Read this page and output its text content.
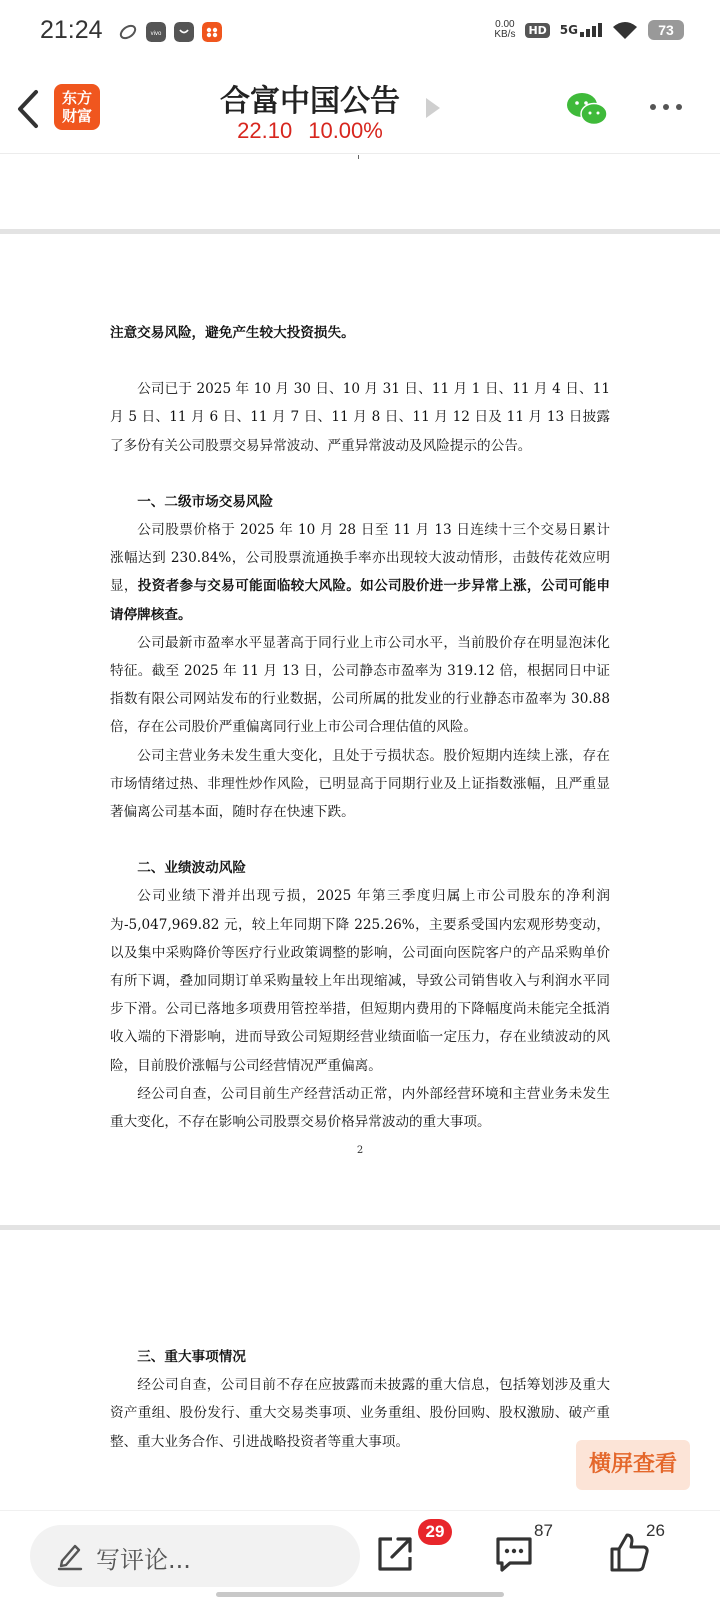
21:24	vivo
0.00
KB/s HD 5G	73
东方
财富	合富中国公告
22.10 10.00%
注意交易风险，避免产生较大投资损失。
公司已于 2025 年 10 月 30 日、10 月 31 日、11 月 1 日、11 月 4 日、11 月 5 日、11 月 6 日、11 月 7 日、11 月 8 日、11 月 12 日及 11 月 13 日披露了多份有关公司股票交易异常波动、严重异常波动及风险提示的公告。
一、二级市场交易风险
公司股票价格于 2025 年 10 月 28 日至 11 月 13 日连续十三个交易日累计涨幅达到 230.84%，公司股票流通换手率亦出现较大波动情形，击鼓传花效应明显，投资者参与交易可能面临较大风险。如公司股价进一步异常上涨，公司可能申请停牌核查。
公司最新市盈率水平显著高于同行业上市公司水平，当前股价存在明显泡沫化特征。截至 2025 年 11 月 13 日，公司静态市盈率为 319.12 倍，根据同日中证指数有限公司网站发布的行业数据，公司所属的批发业的行业静态市盈率为 30.88 倍，存在公司股价严重偏离同行业上市公司合理估值的风险。
公司主营业务未发生重大变化，且处于亏损状态。股价短期内连续上涨，存在市场情绪过热、非理性炒作风险，已明显高于同期行业及上证指数涨幅，且严重显著偏离公司基本面，随时存在快速下跌。
二、业绩波动风险
公司业绩下滑并出现亏损，2025 年第三季度归属上市公司股东的净利润为-5,047,969.82 元，较上年同期下降 225.26%，主要系受国内宏观形势变动，以及集中采购降价等医疗行业政策调整的影响，公司面向医院客户的产品采购单价有所下调，叠加同期订单采购量较上年出现缩减，导致公司销售收入与利润水平同步下滑。公司已落地多项费用管控举措，但短期内费用的下降幅度尚未能完全抵消收入端的下滑影响，进而导致公司短期经营业绩面临一定压力，存在业绩波动的风险，目前股价涨幅与公司经营情况严重偏离。
经公司自查，公司目前生产经营活动正常，内外部经营环境和主营业务未发生重大变化，不存在影响公司股票交易价格异常波动的重大事项。
2
三、重大事项情况
经公司自查，公司目前不存在应披露而未披露的重大信息，包括筹划涉及重大资产重组、股份发行、重大交易类事项、业务重组、股份回购、股权激励、破产重整、重大业务合作、引进战略投资者等重大事项。
横屏查看
写评论...
29	87	26
